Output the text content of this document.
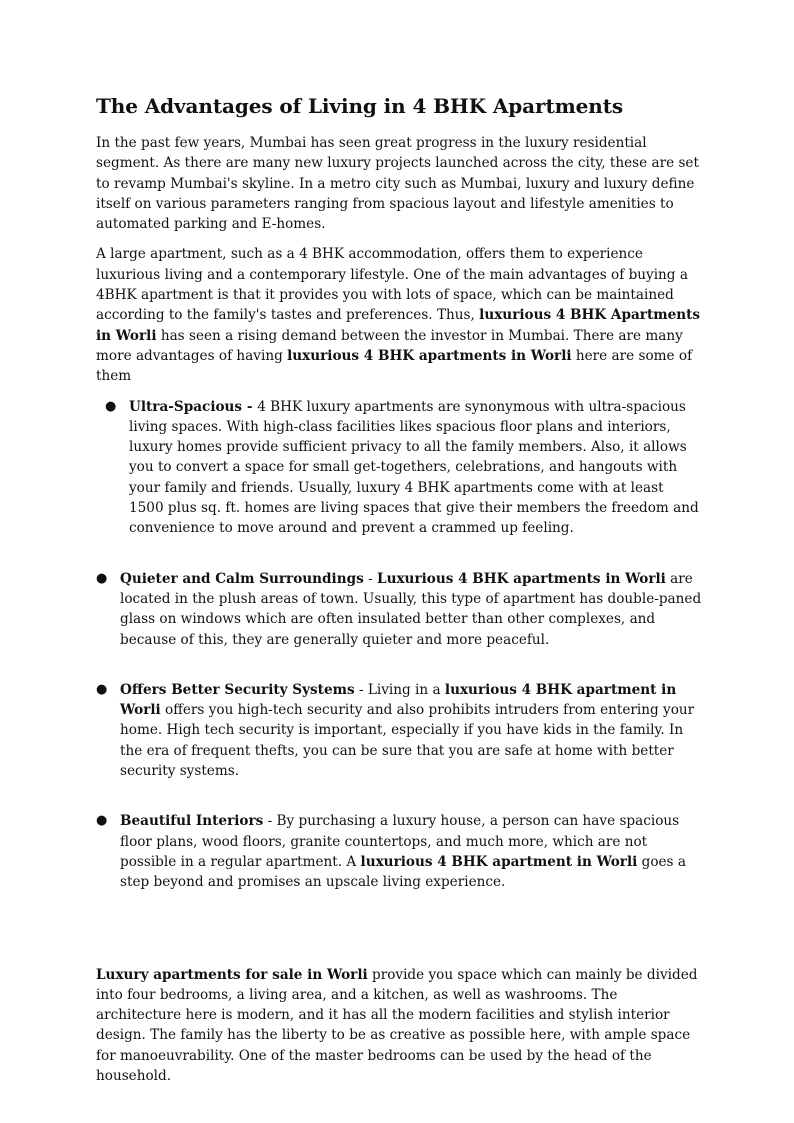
The Advantages of Living in 4 BHK Apartments

In the past few years, Mumbai has seen great progress in the luxury residential segment. As there are many new luxury projects launched across the city, these are set to revamp Mumbai's skyline. In a metro city such as Mumbai, luxury and luxury define itself on various parameters ranging from spacious layout and lifestyle amenities to automated parking and E-homes.

A large apartment, such as a 4 BHK accommodation, offers them to experience luxurious living and a contemporary lifestyle. One of the main advantages of buying a 4BHK apartment is that it provides you with lots of space, which can be maintained according to the family's tastes and preferences. Thus, luxurious 4 BHK Apartments in Worli has seen a rising demand between the investor in Mumbai. There are many more advantages of having luxurious 4 BHK apartments in Worli here are some of them

● Ultra-Spacious - 4 BHK luxury apartments are synonymous with ultra-spacious living spaces. With high-class facilities likes spacious floor plans and interiors, luxury homes provide sufficient privacy to all the family members. Also, it allows you to convert a space for small get-togethers, celebrations, and hangouts with your family and friends. Usually, luxury 4 BHK apartments come with at least 1500 plus sq. ft. homes are living spaces that give their members the freedom and convenience to move around and prevent a crammed up feeling.
● Quieter and Calm Surroundings - Luxurious 4 BHK apartments in Worli are located in the plush areas of town. Usually, this type of apartment has double-paned glass on windows which are often insulated better than other complexes, and because of this, they are generally quieter and more peaceful.
● Offers Better Security Systems - Living in a luxurious 4 BHK apartment in Worli offers you high-tech security and also prohibits intruders from entering your home. High tech security is important, especially if you have kids in the family. In the era of frequent thefts, you can be sure that you are safe at home with better security systems.
● Beautiful Interiors - By purchasing a luxury house, a person can have spacious floor plans, wood floors, granite countertops, and much more, which are not possible in a regular apartment. A luxurious 4 BHK apartment in Worli goes a step beyond and promises an upscale living experience.

Luxury apartments for sale in Worli provide you space which can mainly be divided into four bedrooms, a living area, and a kitchen, as well as washrooms. The architecture here is modern, and it has all the modern facilities and stylish interior design. The family has the liberty to be as creative as possible here, with ample space for manoeuvrability. One of the master bedrooms can be used by the head of the household.
